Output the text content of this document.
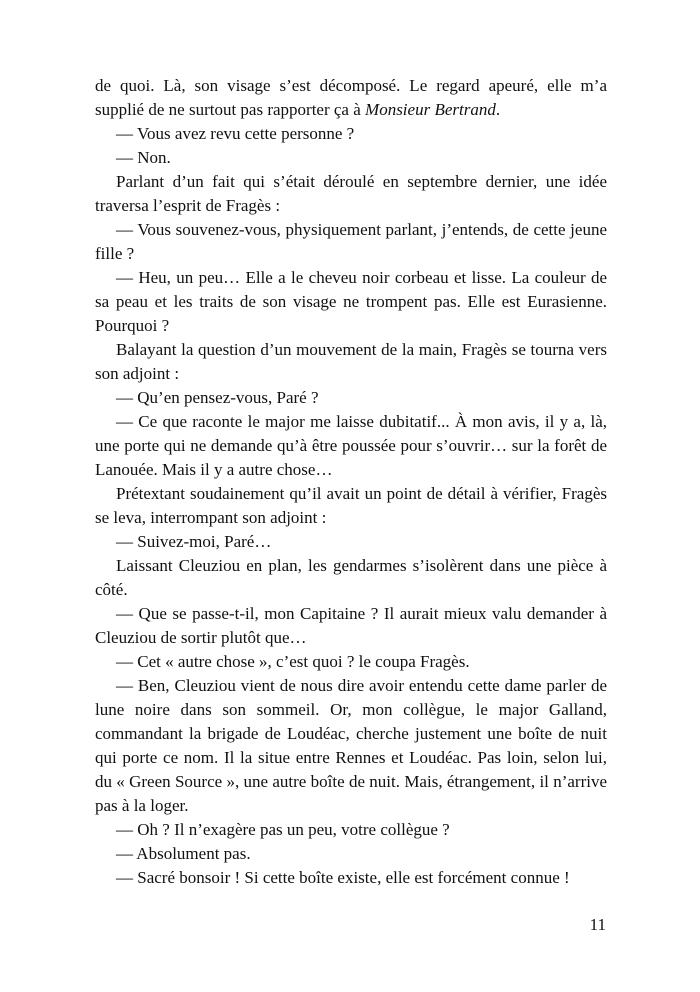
de quoi. Là, son visage s’est décomposé. Le regard apeuré, elle m’a supplié de ne surtout pas rapporter ça à Monsieur Bertrand.

— Vous avez revu cette personne ?

— Non.

Parlant d’un fait qui s’était déroulé en septembre dernier, une idée traversa l’esprit de Fragès :

— Vous souvenez-vous, physiquement parlant, j’entends, de cette jeune fille ?

— Heu, un peu… Elle a le cheveu noir corbeau et lisse. La couleur de sa peau et les traits de son visage ne trompent pas. Elle est Eurasienne. Pourquoi ?

Balayant la question d’un mouvement de la main, Fragès se tourna vers son adjoint :

— Qu’en pensez-vous, Paré ?

— Ce que raconte le major me laisse dubitatif... À mon avis, il y a, là, une porte qui ne demande qu’à être poussée pour s’ouvrir… sur la forêt de Lanouée. Mais il y a autre chose…

Prétextant soudainement qu’il avait un point de détail à vérifier, Fragès se leva, interrompant son adjoint :

— Suivez-moi, Paré…

Laissant Cleuziou en plan, les gendarmes s’isolèrent dans une pièce à côté.

— Que se passe-t-il, mon Capitaine ? Il aurait mieux valu demander à Cleuziou de sortir plutôt que…

— Cet « autre chose », c’est quoi ? le coupa Fragès.

— Ben, Cleuziou vient de nous dire avoir entendu cette dame parler de lune noire dans son sommeil. Or, mon collègue, le major Galland, commandant la brigade de Loudéac, cherche justement une boîte de nuit qui porte ce nom. Il la situe entre Rennes et Loudéac. Pas loin, selon lui, du « Green Source », une autre boîte de nuit. Mais, étrangement, il n’arrive pas à la loger.

— Oh ? Il n’exagère pas un peu, votre collègue ?

— Absolument pas.

— Sacré bonsoir ! Si cette boîte existe, elle est forcément connue !

11
